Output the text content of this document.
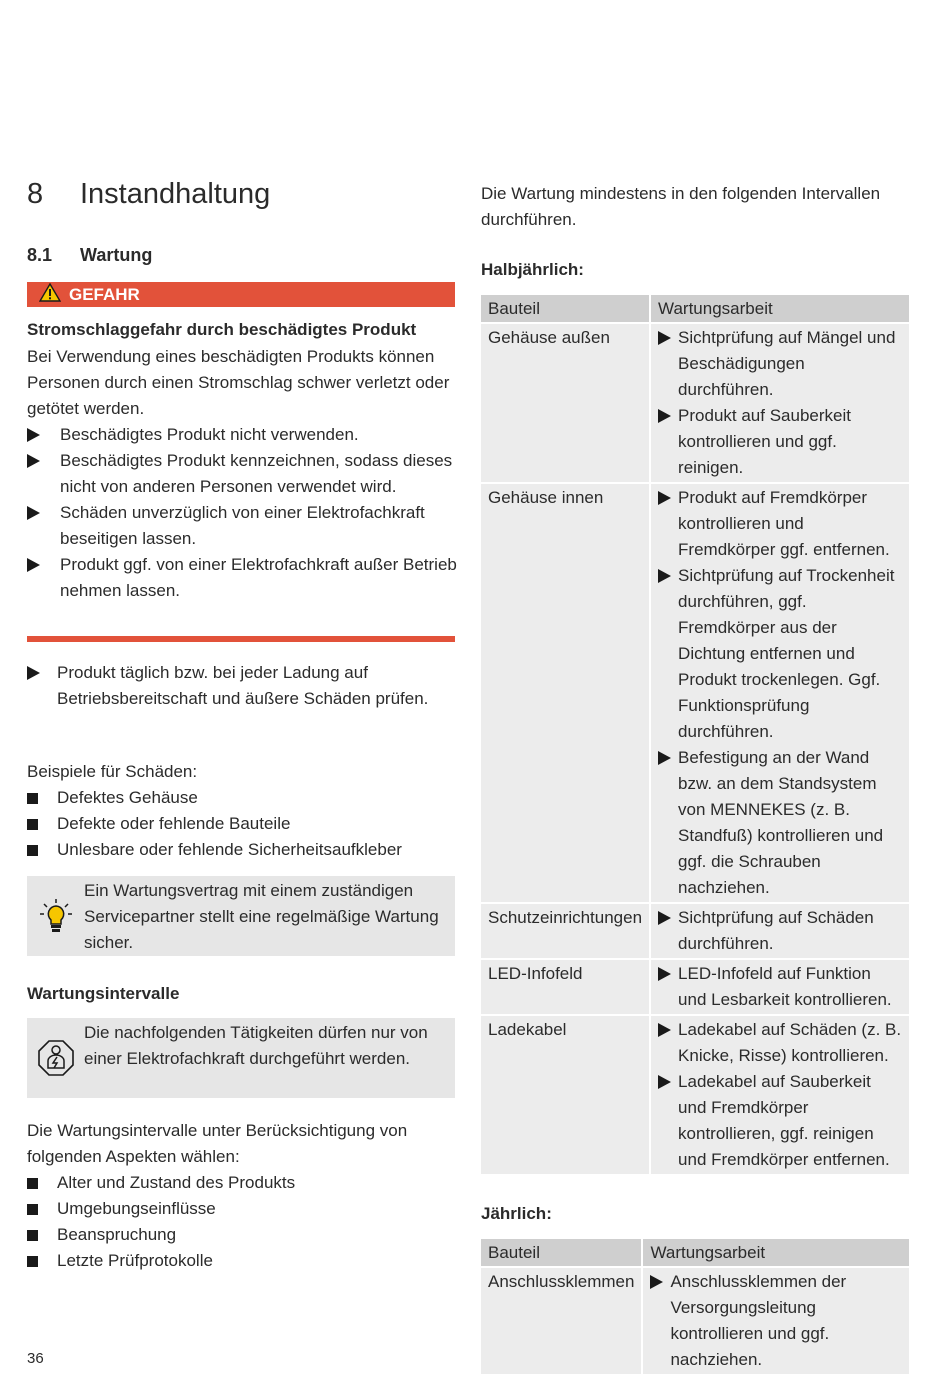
8 Instandhaltung
8.1 Wartung
GEFAHR
Stromschlaggefahr durch beschädigtes Produkt
Bei Verwendung eines beschädigten Produkts können Personen durch einen Stromschlag schwer verletzt oder getötet werden.
Beschädigtes Produkt nicht verwenden.
Beschädigtes Produkt kennzeichnen, sodass dieses nicht von anderen Personen verwendet wird.
Schäden unverzüglich von einer Elektrofachkraft beseitigen lassen.
Produkt ggf. von einer Elektrofachkraft außer Betrieb nehmen lassen.
Produkt täglich bzw. bei jeder Ladung auf Betriebsbereitschaft und äußere Schäden prüfen.
Beispiele für Schäden:
Defektes Gehäuse
Defekte oder fehlende Bauteile
Unlesbare oder fehlende Sicherheitsaufkleber
Ein Wartungsvertrag mit einem zuständigen Servicepartner stellt eine regelmäßige Wartung sicher.
Wartungsintervalle
Die nachfolgenden Tätigkeiten dürfen nur von einer Elektrofachkraft durchgeführt werden.
Die Wartungsintervalle unter Berücksichtigung von folgenden Aspekten wählen:
Alter und Zustand des Produkts
Umgebungseinflüsse
Beanspruchung
Letzte Prüfprotokolle
Die Wartung mindestens in den folgenden Intervallen durchführen.
Halbjährlich:
Bauteil	Wartungsarbeit
Gehäuse außen	Sichtprüfung auf Mängel und Beschädigungen durchführen.
Produkt auf Sauberkeit kontrollieren und ggf. reinigen.

Gehäuse innen	Produkt auf Fremdkörper kontrollieren und Fremdkörper ggf. entfernen.
Sichtprüfung auf Trockenheit durchführen, ggf. Fremdkörper aus der Dichtung entfernen und Produkt trockenlegen. Ggf. Funktionsprüfung durchführen.
Befestigung an der Wand bzw. an dem Standsystem von MENNEKES (z. B. Standfuß) kontrollieren und ggf. die Schrauben nachziehen.

Schutzeinrichtungen	Sichtprüfung auf Schäden durchführen.

LED-Infofeld	LED-Infofeld auf Funktion und Lesbarkeit kontrollieren.

Ladekabel	Ladekabel auf Schäden (z. B. Knicke, Risse) kontrollieren.
Ladekabel auf Sauberkeit und Fremdkörper kontrollieren, ggf. reinigen und Fremdkörper entfernen.
Jährlich:
Bauteil	Wartungsarbeit
Anschlussklemmen	Anschlussklemmen der Versorgungsleitung kontrollieren und ggf. nachziehen.
36
